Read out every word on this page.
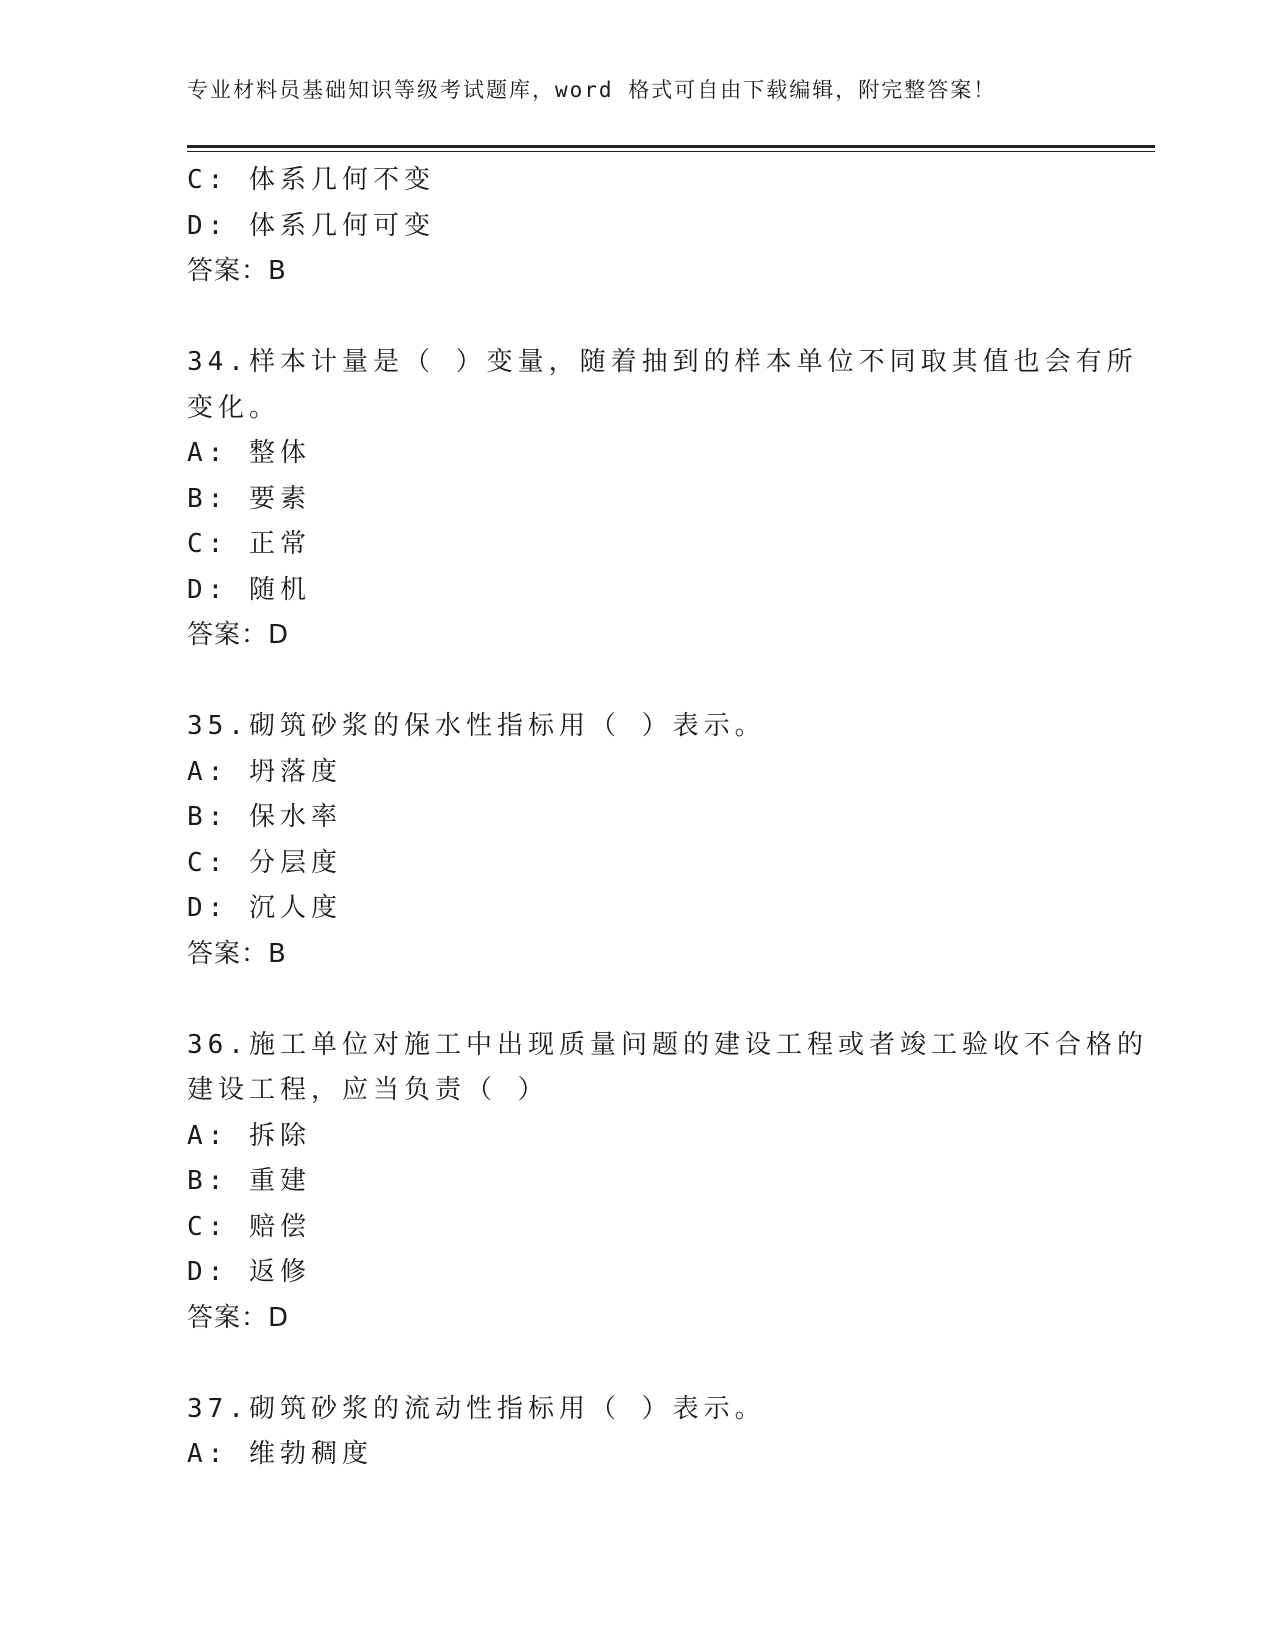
专业材料员基础知识等级考试题库，word 格式可自由下载编辑，附完整答案！
C: 体系几何不变
D: 体系几何可变
答案：B
34.样本计量是（ ）变量，随着抽到的样本单位不同取其值也会有所
变化。
A: 整体
B: 要素
C: 正常
D: 随机
答案：D
35.砌筑砂浆的保水性指标用（ ）表示。
A: 坍落度
B: 保水率
C: 分层度
D: 沉人度
答案：B
36.施工单位对施工中出现质量问题的建设工程或者竣工验收不合格的
建设工程，应当负责（ ）
A: 拆除
B: 重建
C: 赔偿
D: 返修
答案：D
37.砌筑砂浆的流动性指标用（ ）表示。
A: 维勃稠度
